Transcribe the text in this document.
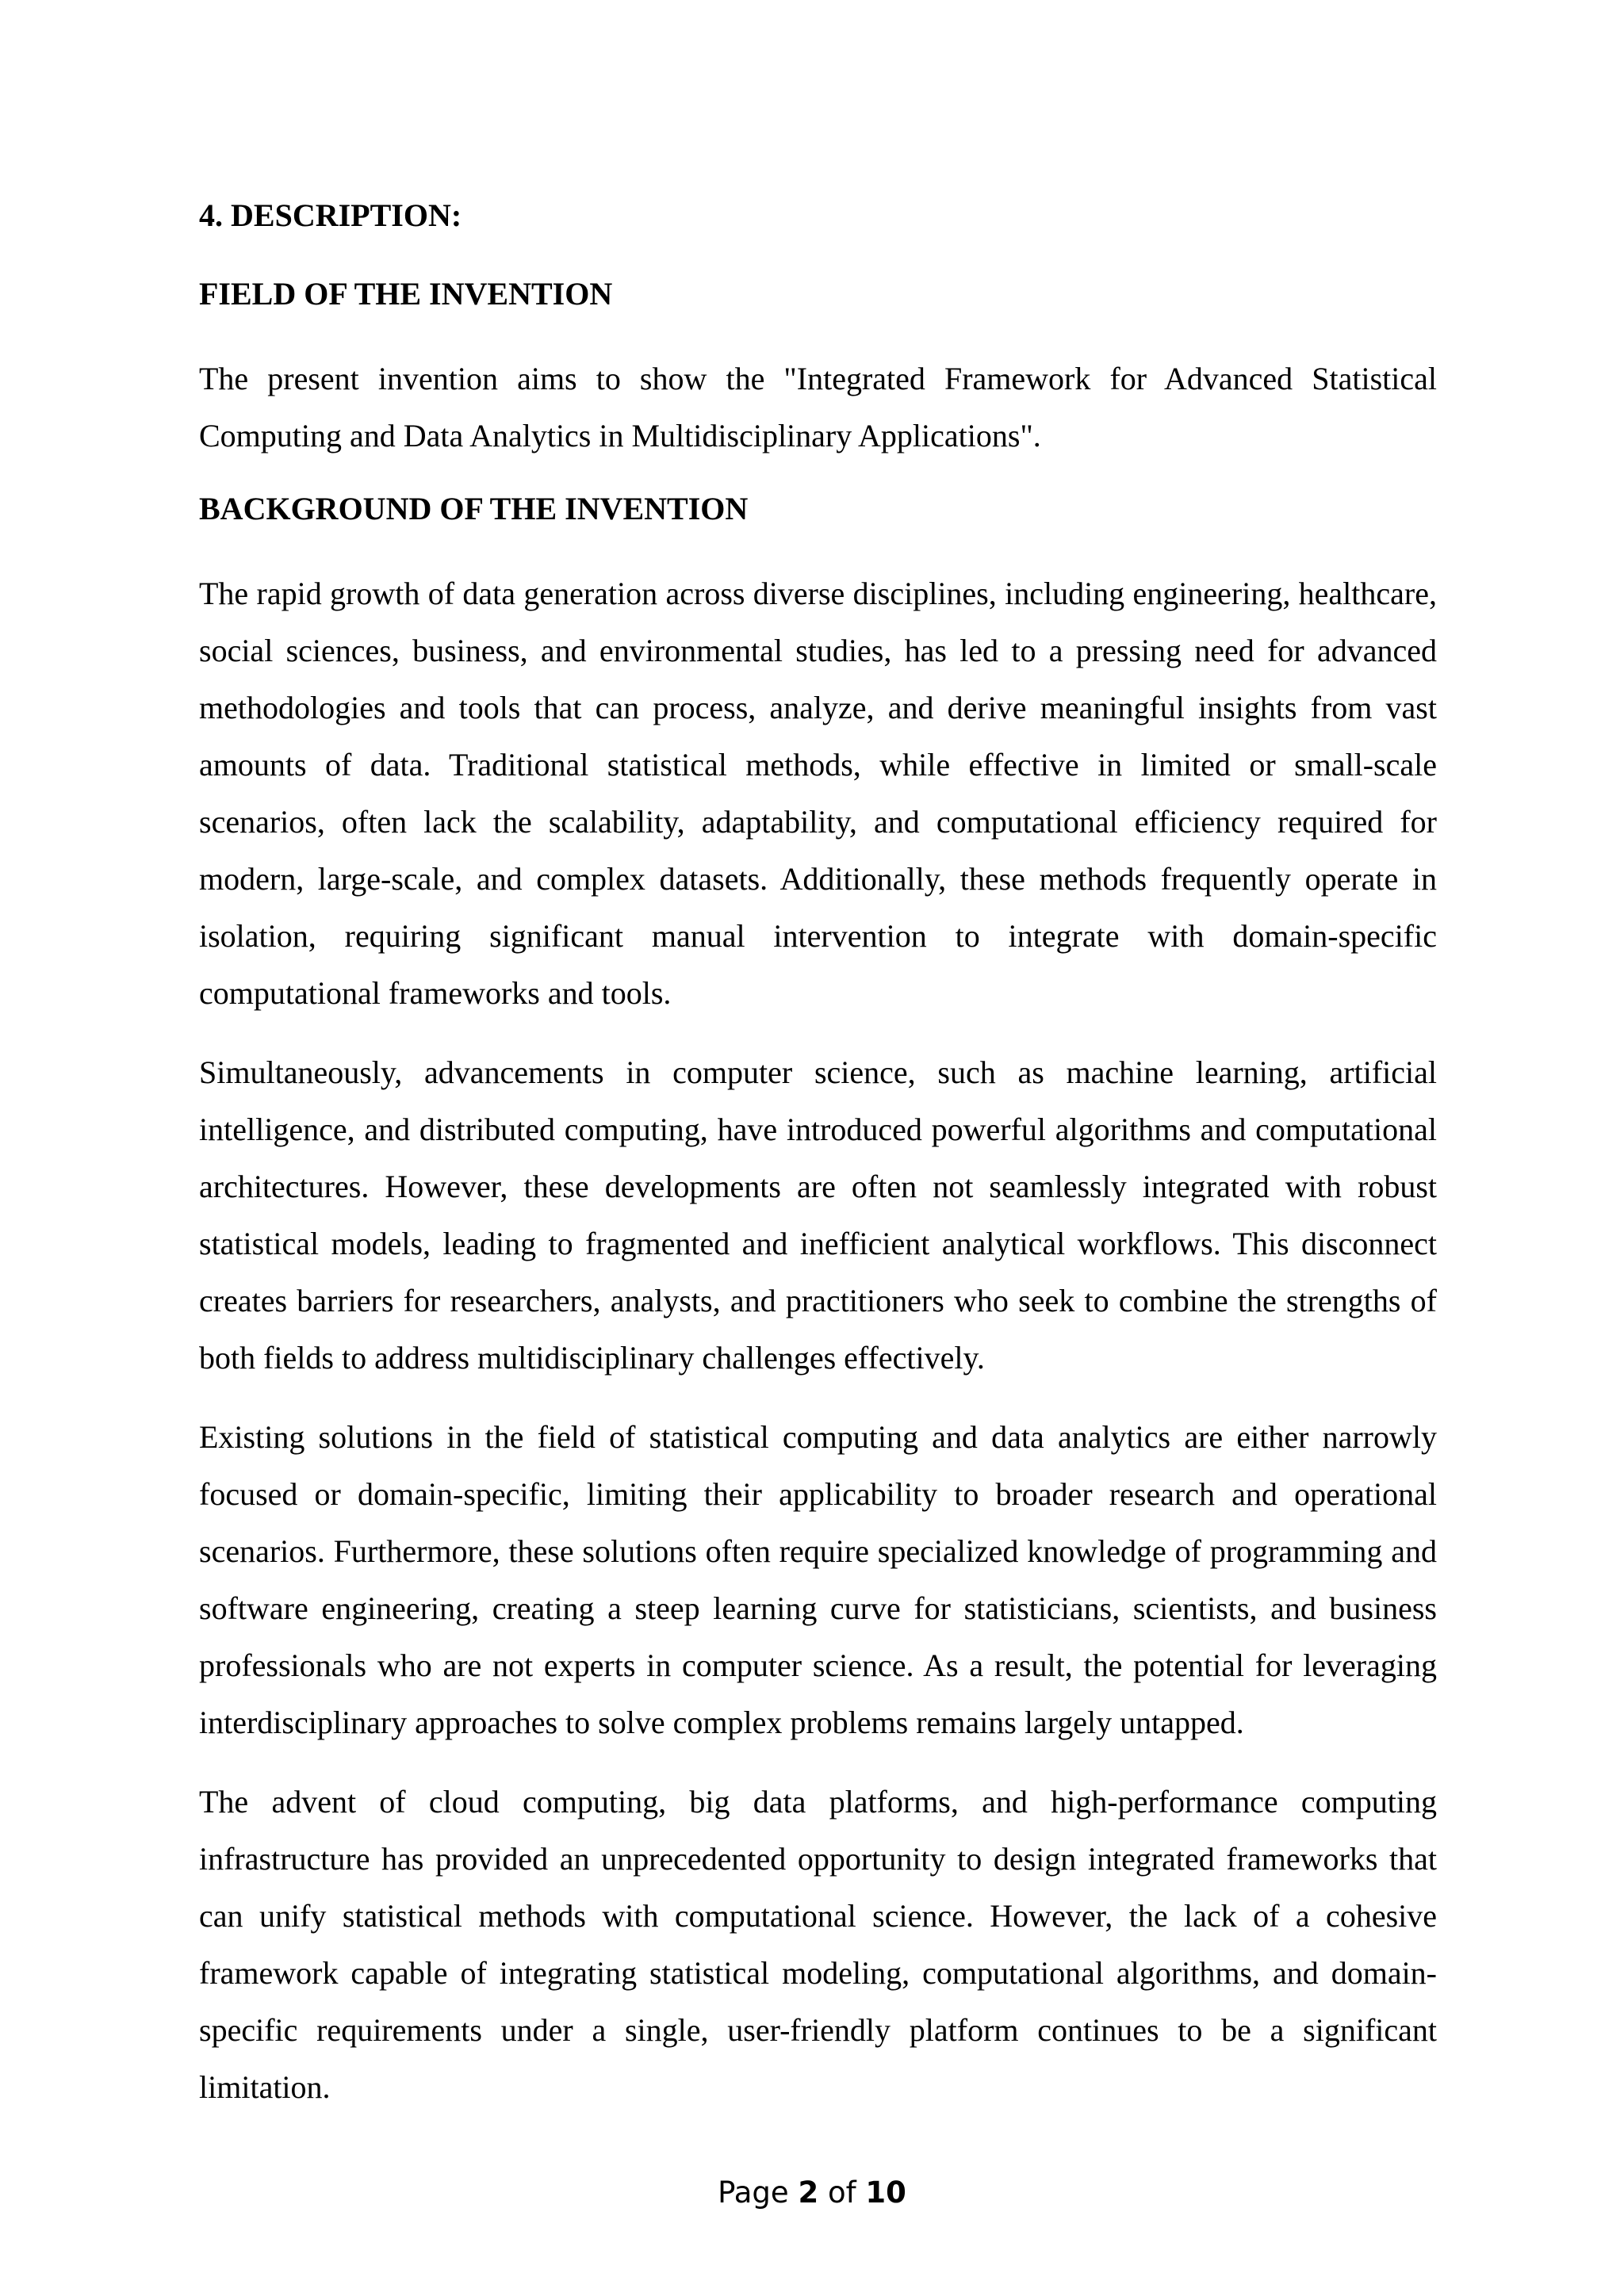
4. DESCRIPTION:

FIELD OF THE INVENTION

The present invention aims to show the "Integrated Framework for Advanced Statistical Computing and Data Analytics in Multidisciplinary Applications".

BACKGROUND OF THE INVENTION

The rapid growth of data generation across diverse disciplines, including engineering, healthcare, social sciences, business, and environmental studies, has led to a pressing need for advanced methodologies and tools that can process, analyze, and derive meaningful insights from vast amounts of data. Traditional statistical methods, while effective in limited or small-scale scenarios, often lack the scalability, adaptability, and computational efficiency required for modern, large-scale, and complex datasets. Additionally, these methods frequently operate in isolation, requiring significant manual intervention to integrate with domain-specific computational frameworks and tools.

Simultaneously, advancements in computer science, such as machine learning, artificial intelligence, and distributed computing, have introduced powerful algorithms and computational architectures. However, these developments are often not seamlessly integrated with robust statistical models, leading to fragmented and inefficient analytical workflows. This disconnect creates barriers for researchers, analysts, and practitioners who seek to combine the strengths of both fields to address multidisciplinary challenges effectively.

Existing solutions in the field of statistical computing and data analytics are either narrowly focused or domain-specific, limiting their applicability to broader research and operational scenarios. Furthermore, these solutions often require specialized knowledge of programming and software engineering, creating a steep learning curve for statisticians, scientists, and business professionals who are not experts in computer science. As a result, the potential for leveraging interdisciplinary approaches to solve complex problems remains largely untapped.

The advent of cloud computing, big data platforms, and high-performance computing infrastructure has provided an unprecedented opportunity to design integrated frameworks that can unify statistical methods with computational science. However, the lack of a cohesive framework capable of integrating statistical modeling, computational algorithms, and domain-specific requirements under a single, user-friendly platform continues to be a significant limitation.

Page 2 of 10
